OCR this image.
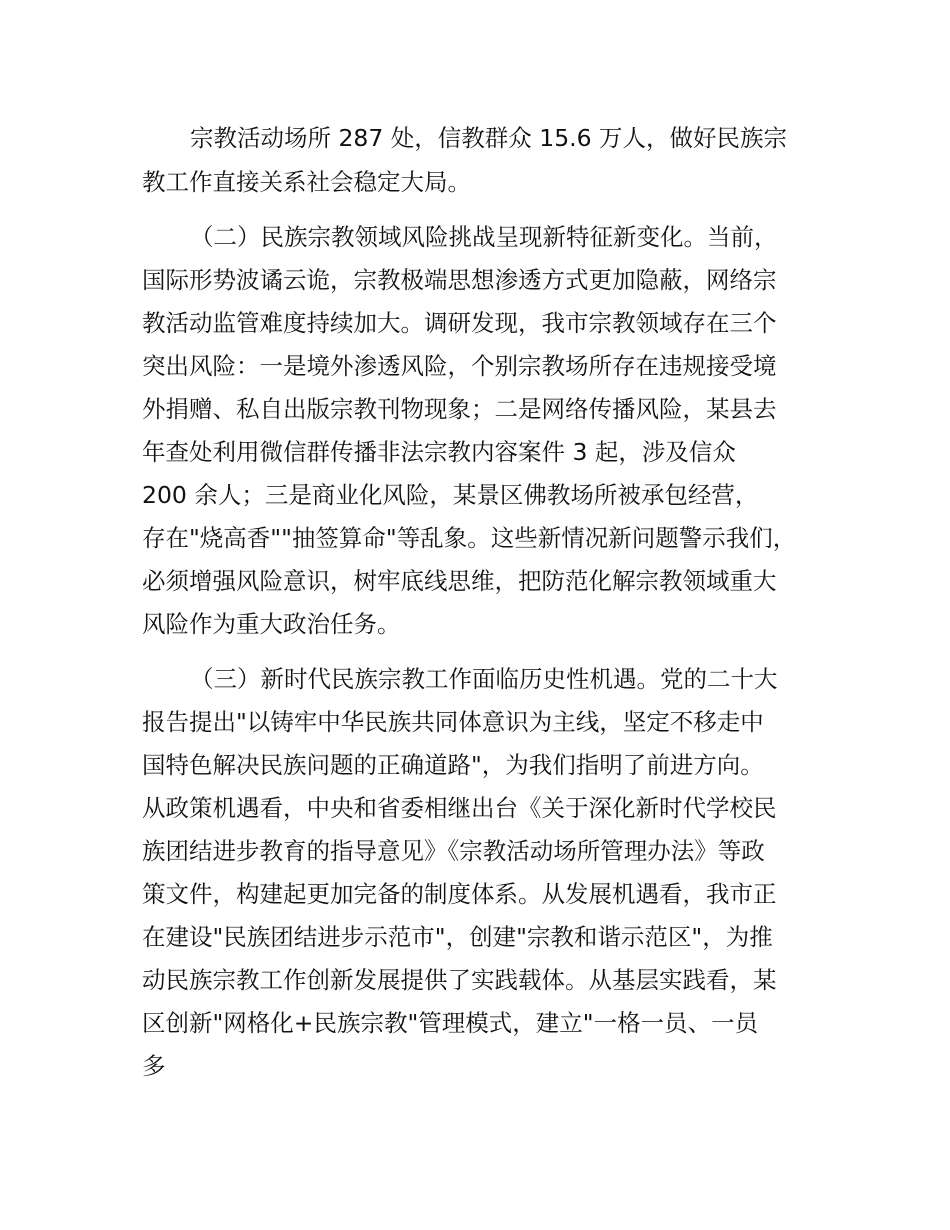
宗教活动场所 287 处，信教群众 15.6 万人，做好民族宗
教工作直接关系社会稳定大局。
（二）民族宗教领域风险挑战呈现新特征新变化。当前，
国际形势波谲云诡，宗教极端思想渗透方式更加隐蔽，网络宗
教活动监管难度持续加大。调研发现，我市宗教领域存在三个
突出风险：一是境外渗透风险，个别宗教场所存在违规接受境
外捐赠、私自出版宗教刊物现象；二是网络传播风险，某县去
年查处利用微信群传播非法宗教内容案件 3 起，涉及信众
200 余人；三是商业化风险，某景区佛教场所被承包经营，
存在"烧高香""抽签算命"等乱象。这些新情况新问题警示我们，
必须增强风险意识，树牢底线思维，把防范化解宗教领域重大
风险作为重大政治任务。
（三）新时代民族宗教工作面临历史性机遇。党的二十大
报告提出"以铸牢中华民族共同体意识为主线，坚定不移走中
国特色解决民族问题的正确道路"，为我们指明了前进方向。
从政策机遇看，中央和省委相继出台《关于深化新时代学校民
族团结进步教育的指导意见》《宗教活动场所管理办法》等政
策文件，构建起更加完备的制度体系。从发展机遇看，我市正
在建设"民族团结进步示范市"，创建"宗教和谐示范区"，为推
动民族宗教工作创新发展提供了实践载体。从基层实践看，某
区创新"网格化+民族宗教"管理模式，建立"一格一员、一员
多
